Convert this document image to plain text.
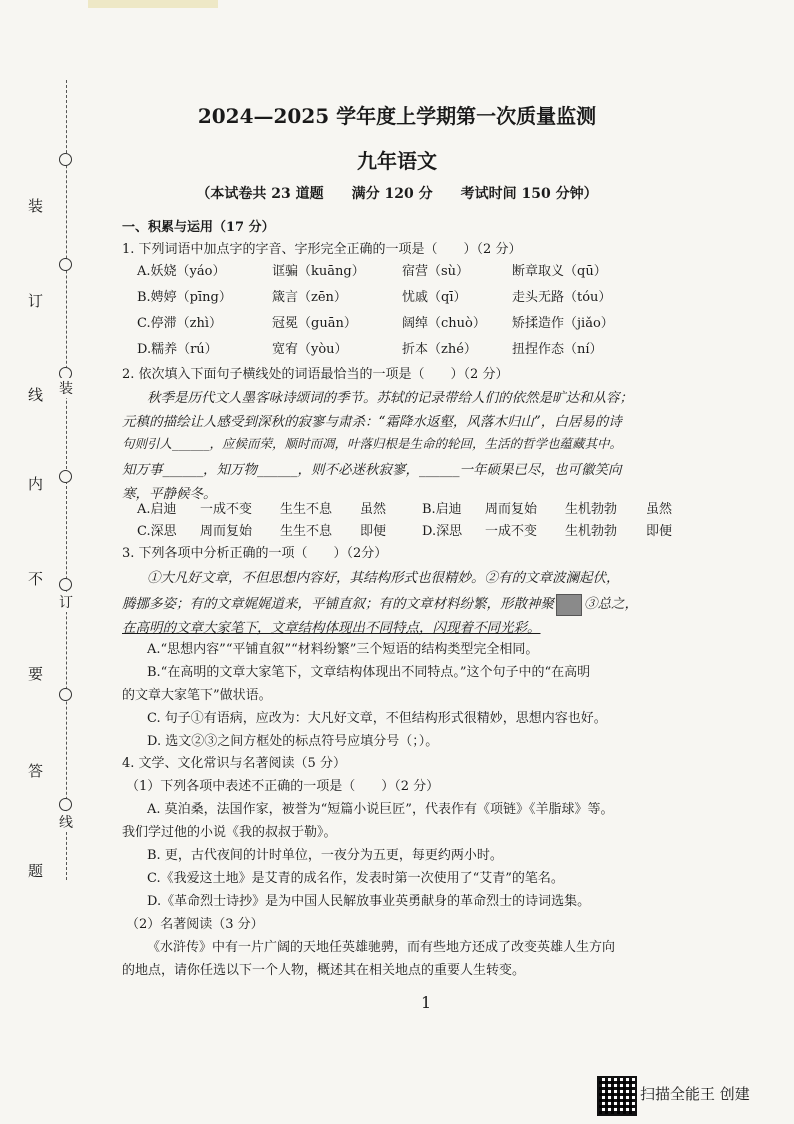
装
订
线
内
不
要
答
题
装
订
线
2024—2025 学年度上学期第一次质量监测
九年语文
（本试卷共 23 道题　　满分 120 分　　考试时间 150 分钟）
一、积累与运用（17 分）
1. 下列词语中加点字的字音、字形完全正确的一项是（　　）（2 分）
A.妖娆（yáo）	诓骗（kuāng）	宿营（sù）	断章取义（qū）
B.娉婷（pīng）	箴言（zēn）	忧戚（qī）	走头无路（tóu）
C.停滞（zhì）	冠冕（guān）	阔绰（chuò） 矫揉造作（jiǎo）
D.糯养（rú）	宽宥（yòu）	折本（zhé）	扭捏作态（ní）
2. 依次填入下面句子横线处的词语最恰当的一项是（　　）（2 分）
秋季是历代文人墨客咏诗颂词的季节。苏轼的记录带给人们的依然是旷达和从容；
元稹的描绘让人感受到深秋的寂寥与肃杀：“霜降水返壑，风落木归山”，白居易的诗
句则引人______，应候而荣，顺时而凋，叶落归根是生命的轮回，生活的哲学也蕴藏其中。
知万事______，知万物______，则不必迷秋寂寥，______一年硕果已尽，也可徽笑向
寒，平静候冬。
A.启迪 一成不变 生生不息 虽然	B.启迪 周而复始 生机勃勃 虽然
C.深思 周而复始 生生不息 即便	D.深思 一成不变 生机勃勃 即便
3. 下列各项中分析正确的一项（　　）（2分）
①大凡好文章，不但思想内容好，其结构形式也很精妙。②有的文章波澜起伏，
腾挪多姿；有的文章娓娓道来，平铺直叙；有的文章材料纷繁，形散神聚 ③总之，
在高明的文章大家笔下，文章结构体现出不同特点，闪现着不同光彩。
A.“思想内容”“平铺直叙”“材料纷繁”三个短语的结构类型完全相同。
B.“在高明的文章大家笔下，文章结构体现出不同特点。”这个句子中的“在高明
的文章大家笔下”做状语。
C. 句子①有语病，应改为：大凡好文章，不但结构形式很精妙，思想内容也好。
D. 选文②③之间方框处的标点符号应填分号（；）。
4. 文学、文化常识与名著阅读（5 分）
（1）下列各项中表述不正确的一项是（　　）（2 分）
A. 莫泊桑，法国作家，被誉为“短篇小说巨匠”，代表作有《项链》《羊脂球》等。
我们学过他的小说《我的叔叔于勒》。
B. 更，古代夜间的计时单位，一夜分为五更，每更约两小时。
C.《我爱这土地》是艾青的成名作，发表时第一次使用了“艾青”的笔名。
D.《革命烈士诗抄》是为中国人民解放事业英勇献身的革命烈士的诗词选集。
（2）名著阅读（3 分）
《水浒传》中有一片广阔的天地任英雄驰骋，而有些地方还成了改变英雄人生方向
的地点，请你任选以下一个人物，概述其在相关地点的重要人生转变。
1
扫描全能王 创建
